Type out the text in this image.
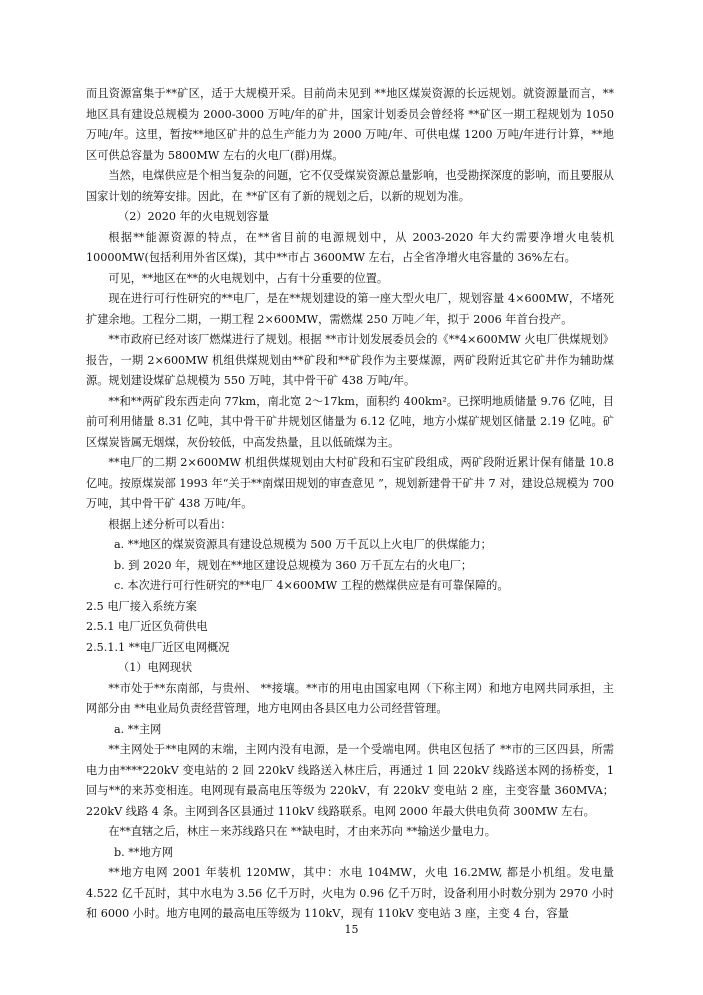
而且资源富集于**矿区，适于大规模开采。目前尚未见到 **地区煤炭资源的长远规划。就资源量而言，**地区具有建设总规模为 2000-3000 万吨/年的矿井，国家计划委员会曾经将 **矿区一期工程规划为 1050 万吨/年。这里，暂按**地区矿井的总生产能力为 2000 万吨/年、可供电煤 1200 万吨/年进行计算，**地区可供总容量为 5800MW 左右的火电厂(群)用煤。

当然，电煤供应是个相当复杂的问题，它不仅受煤炭资源总量影响，也受勘探深度的影响，而且要服从国家计划的统筹安排。因此，在 **矿区有了新的规划之后，以新的规划为准。

（2）2020 年的火电规划容量

根据**能源资源的特点，在**省目前的电源规划中，从 2003-2020 年大约需要净增火电装机 10000MW(包括利用外省区煤)，其中**市占 3600MW 左右，占全省净增火电容量的 36%左右。

可见，**地区在**的火电规划中，占有十分重要的位置。

现在进行可行性研究的**电厂，是在**规划建设的第一座大型火电厂，规划容量 4×600MW，不堵死扩建余地。工程分二期，一期工程 2×600MW，需燃煤 250 万吨／年，拟于 2006 年首台投产。

**市政府已经对该厂燃煤进行了规划。根据 **市计划发展委员会的《**4×600MW 火电厂供煤规划》报告，一期 2×600MW 机组供煤规划由**矿段和**矿段作为主要煤源，两矿段附近其它矿井作为辅助煤源。规划建设煤矿总规模为 550 万吨，其中骨干矿 438 万吨/年。

**和**两矿段东西走向 77km，南北宽 2～17km，面积约 400km²。已探明地质储量 9.76 亿吨，目前可利用储量 8.31 亿吨，其中骨干矿井规划区储量为 6.12 亿吨，地方小煤矿规划区储量 2.19 亿吨。矿区煤炭皆属无烟煤，灰份较低，中高发热量，且以低硫煤为主。

**电厂的二期 2×600MW 机组供煤规划由大村矿段和石宝矿段组成，两矿段附近累计保有储量 10.8 亿吨。按原煤炭部 1993 年“关于**南煤田规划的审查意见 ”，规划新建骨干矿井 7 对，建设总规模为 700 万吨，其中骨干矿 438 万吨/年。

根据上述分析可以看出：

a. **地区的煤炭资源具有建设总规模为 500 万千瓦以上火电厂的供煤能力；

b. 到 2020 年，规划在**地区建设总规模为 360 万千瓦左右的火电厂；

c. 本次进行可行性研究的**电厂 4×600MW 工程的燃煤供应是有可靠保障的。

2.5 电厂接入系统方案

2.5.1 电厂近区负荷供电

2.5.1.1 **电厂近区电网概况

（1）电网现状

**市处于**东南部，与贵州、 **接壤。**市的用电由国家电网（下称主网）和地方电网共同承担，主网部分由 **电业局负责经营管理，地方电网由各县区电力公司经营管理。

a. **主网

**主网处于**电网的末端，主网内没有电源，是一个受端电网。供电区包括了 **市的三区四县，所需电力由****220kV 变电站的 2 回 220kV 线路送入林庄后，再通过 1 回 220kV 线路送本网的扬桥变，1 回与**的来苏变相连。电网现有最高电压等级为 220kV，有 220kV 变电站 2 座，主变容量 360MVA；220kV 线路 4 条。主网到各区县通过 110kV 线路联系。电网 2000 年最大供电负荷 300MW 左右。

在**直辖之后，林庄－来苏线路只在 **缺电时，才由来苏向 **输送少量电力。

b. **地方网

**地方电网 2001 年装机 120MW，其中：水电 104MW，火电 16.2MW, 都是小机组。发电量 4.522 亿千瓦时，其中水电为 3.56 亿千万时，火电为 0.96 亿千万时，设备利用小时数分别为 2970 小时和 6000 小时。地方电网的最高电压等级为 110kV，现有 110kV 变电站 3 座，主变 4 台，容量

15
